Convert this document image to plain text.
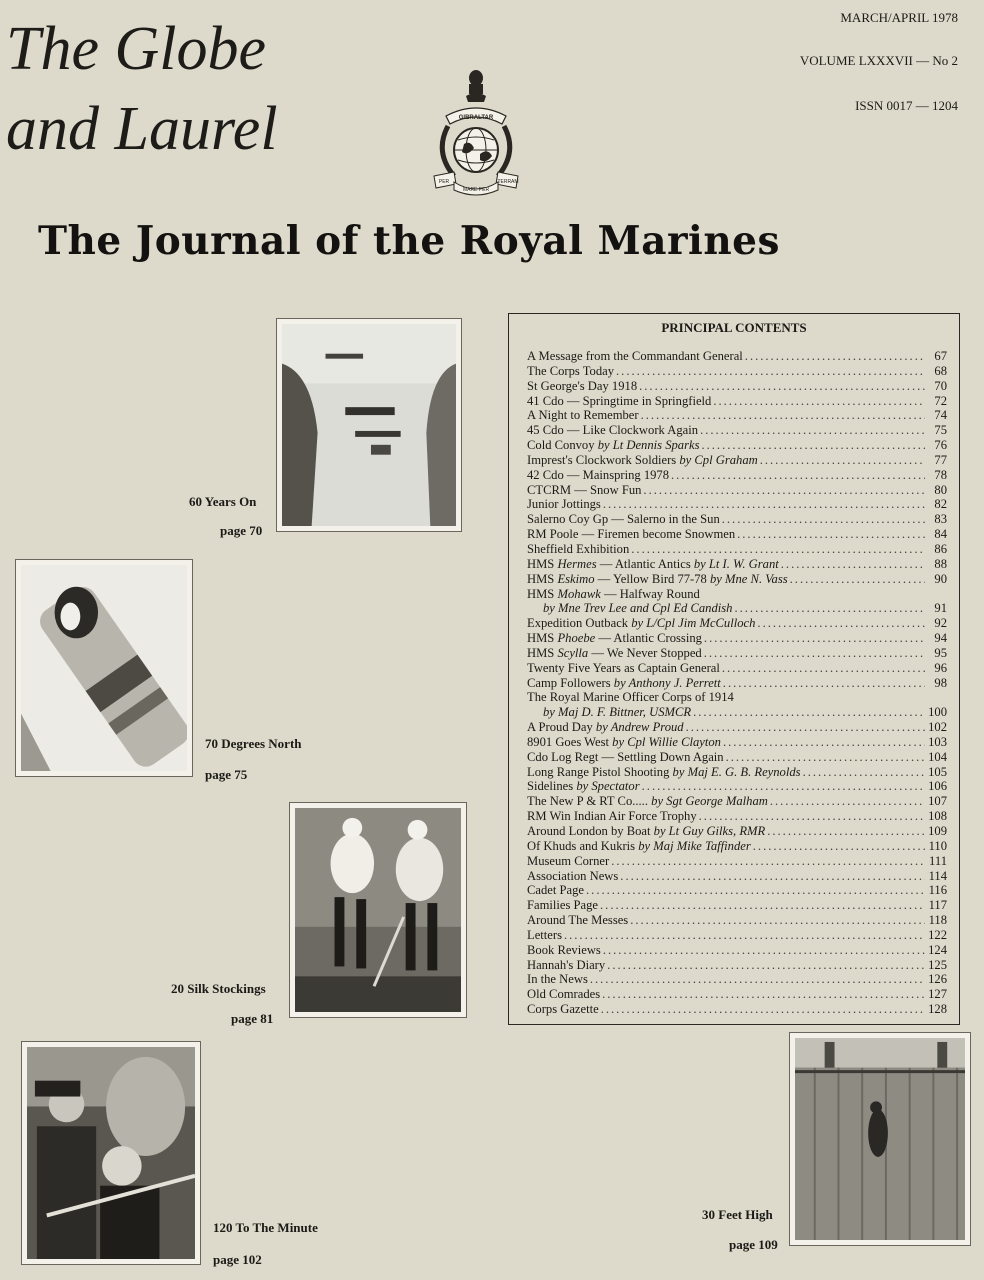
The Globe
and Laurel
MARCH/APRIL 1978
VOLUME LXXXVII — No 2
ISSN 0017 — 1204
GIBRALTAR
PER
MARE PER
TERRAM
The Journal of the Royal Marines
60 Years On
page 70
70 Degrees North
page 75
20 Silk Stockings
page 81
120 To The Minute
page 102
30 Feet High
page 109
PRINCIPAL CONTENTS
A Message from the Commandant General .....	67
The Corps Today .....	68
St George's Day 1918 .....	70
41 Cdo — Springtime in Springfield .....	72
A Night to Remember .....	74
45 Cdo — Like Clockwork Again .....	75
Cold Convoy by Lt Dennis Sparks .....	76
Imprest's Clockwork Soldiers by Cpl Graham .....	77
42 Cdo — Mainspring 1978 .....	78
CTCRM — Snow Fun .....	80
Junior Jottings .....	82
Salerno Coy Gp — Salerno in the Sun .....	83
RM Poole — Firemen become Snowmen .....	84
Sheffield Exhibition .....	86
HMS Hermes — Atlantic Antics by Lt I. W. Grant .....	88
HMS Eskimo — Yellow Bird 77-78 by Mne N. Vass .....	90
HMS Mohawk — Halfway Round
by Mne Trev Lee and Cpl Ed Candish .....	91
Expedition Outback by L/Cpl Jim McCulloch .....	92
HMS Phoebe — Atlantic Crossing .....	94
HMS Scylla — We Never Stopped .....	95
Twenty Five Years as Captain General .....	96
Camp Followers by Anthony J. Perrett .....	98
The Royal Marine Officer Corps of 1914
by Maj D. F. Bittner, USMCR .....	100
A Proud Day by Andrew Proud .....	102
8901 Goes West by Cpl Willie Clayton .....	103
Cdo Log Regt — Settling Down Again .....	104
Long Range Pistol Shooting by Maj E. G. B. Reynolds .....	105
Sidelines by Spectator .....	106
The New P & RT Co..... by Sgt George Malham .....	107
RM Win Indian Air Force Trophy .....	108
Around London by Boat by Lt Guy Gilks, RMR .....	109
Of Khuds and Kukris by Maj Mike Taffinder .....	110
Museum Corner .....	111
Association News .....	114
Cadet Page .....	116
Families Page .....	117
Around The Messes .....	118
Letters .....	122
Book Reviews .....	124
Hannah's Diary .....	125
In the News .....	126
Old Comrades .....	127
Corps Gazette .....	128
